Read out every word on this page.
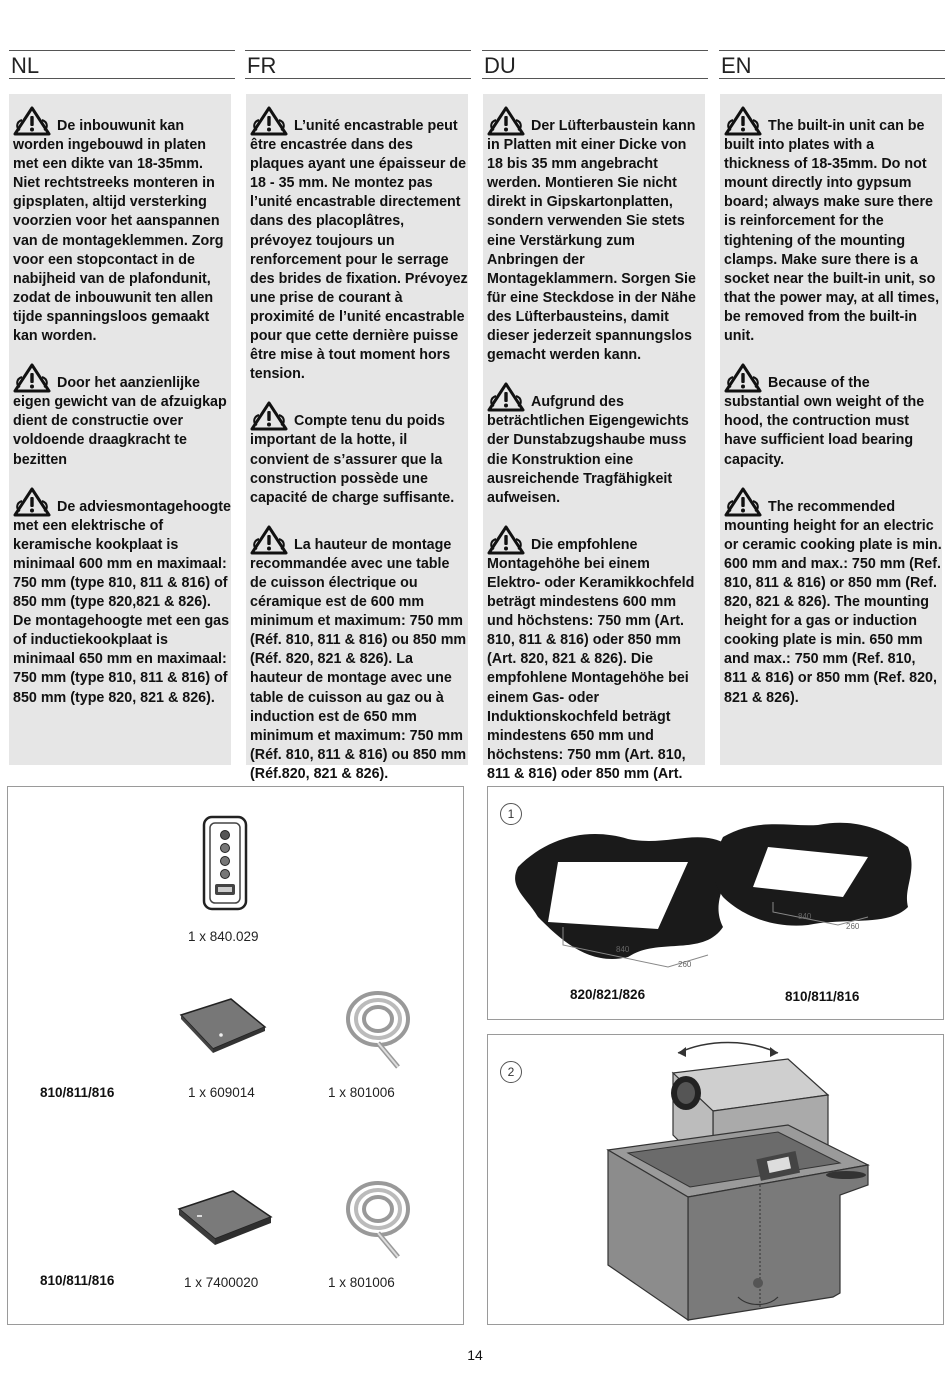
NL	FR	DU	EN

De inbouwunit kan worden ingebouwd in platen met een dikte van 18-35mm. Niet rechtstreeks monteren in gipsplaten, altijd versterking voorzien voor het aanspannen van de montageklemmen. Zorg voor een stopcontact in de nabijheid van de plafondunit, zodat de inbouwunit ten allen tijde spanningsloos gemaakt kan worden.

Door het aanzienlijke eigen gewicht van de afzuigkap dient de constructie over voldoende draagkracht te bezitten

De adviesmontagehoogte met een elektrische of keramische kookplaat is minimaal 600 mm en maximaal: 750 mm (type 810, 811 & 816) of 850 mm (type 820,821 & 826). De montagehoogte met een gas of inductiekookplaat is minimaal 650 mm en maximaal: 750 mm (type 810, 811 & 816) of 850 mm (type 820, 821 & 826).

L’unité encastrable peut être encastrée dans des plaques ayant une épaisseur de 18 - 35 mm. Ne montez pas l’unité encastrable directement dans des placoplâtres, prévoyez toujours un renforcement pour le serrage des brides de fixation. Prévoyez une prise de courant à proximité de l’unité encastrable pour que cette dernière puisse être mise à tout moment hors tension.

Compte tenu du poids important de la hotte, il convient de s’assurer que la construction possède une capacité de charge suffisante.

La hauteur de montage recommandée avec une table de cuisson électrique ou céramique est de 600 mm minimum et maximum: 750 mm (Réf. 810, 811 & 816) ou 850 mm (Réf. 820, 821 & 826). La hauteur de montage avec une table de cuisson au gaz ou à induction est de 650 mm minimum et maximum: 750 mm (Réf. 810, 811 & 816) ou 850 mm (Réf.820, 821 & 826).

Der Lüfterbaustein kann in Platten mit einer Dicke von 18 bis 35 mm angebracht werden. Montieren Sie nicht direkt in Gipskartonplatten, sondern verwenden Sie stets eine Verstärkung zum Anbringen der Montageklammern. Sorgen Sie für eine Steckdose in der Nähe des Lüfterbausteins, damit dieser jederzeit spannungslos gemacht werden kann.

Aufgrund des beträchtlichen Eigengewichts der Dunstabzugshaube muss die Konstruktion eine ausreichende Tragfähigkeit aufweisen.

Die empfohlene Montagehöhe bei einem Elektro- oder Keramikkochfeld beträgt mindestens 600 mm und höchstens: 750 mm (Art. 810, 811 & 816) oder 850 mm (Art. 820, 821 & 826). Die empfohlene Montagehöhe bei einem Gas- oder Induktionskochfeld beträgt mindestens 650 mm und höchstens: 750 mm (Art. 810, 811 & 816) oder 850 mm (Art.

The built-in unit can be built into plates with a thickness of 18-35mm. Do not mount directly into gypsum board; always make sure there is reinforcement for the tightening of the mounting clamps. Make sure there is a socket near the built-in unit, so that the power may, at all times, be removed from the built-in unit.

Because of the substantial own weight of the hood, the contruction must have sufficient load bearing capacity.

The recommended mounting height for an electric or ceramic cooking plate is min. 600 mm and max.: 750 mm (Ref. 810, 811 & 816) or 850 mm (Ref. 820, 821 & 826). The mounting height for a gas or induction cooking plate is min. 650 mm and max.: 750 mm (Ref. 810, 811 & 816) or 850 mm (Ref. 820, 821 & 826).

1 x 840.029
810/811/816	1 x 609014	1 x 801006
810/811/816	1 x 7400020	1 x 801006
1
840
260
840
260
820/821/826	810/811/816
2
14
